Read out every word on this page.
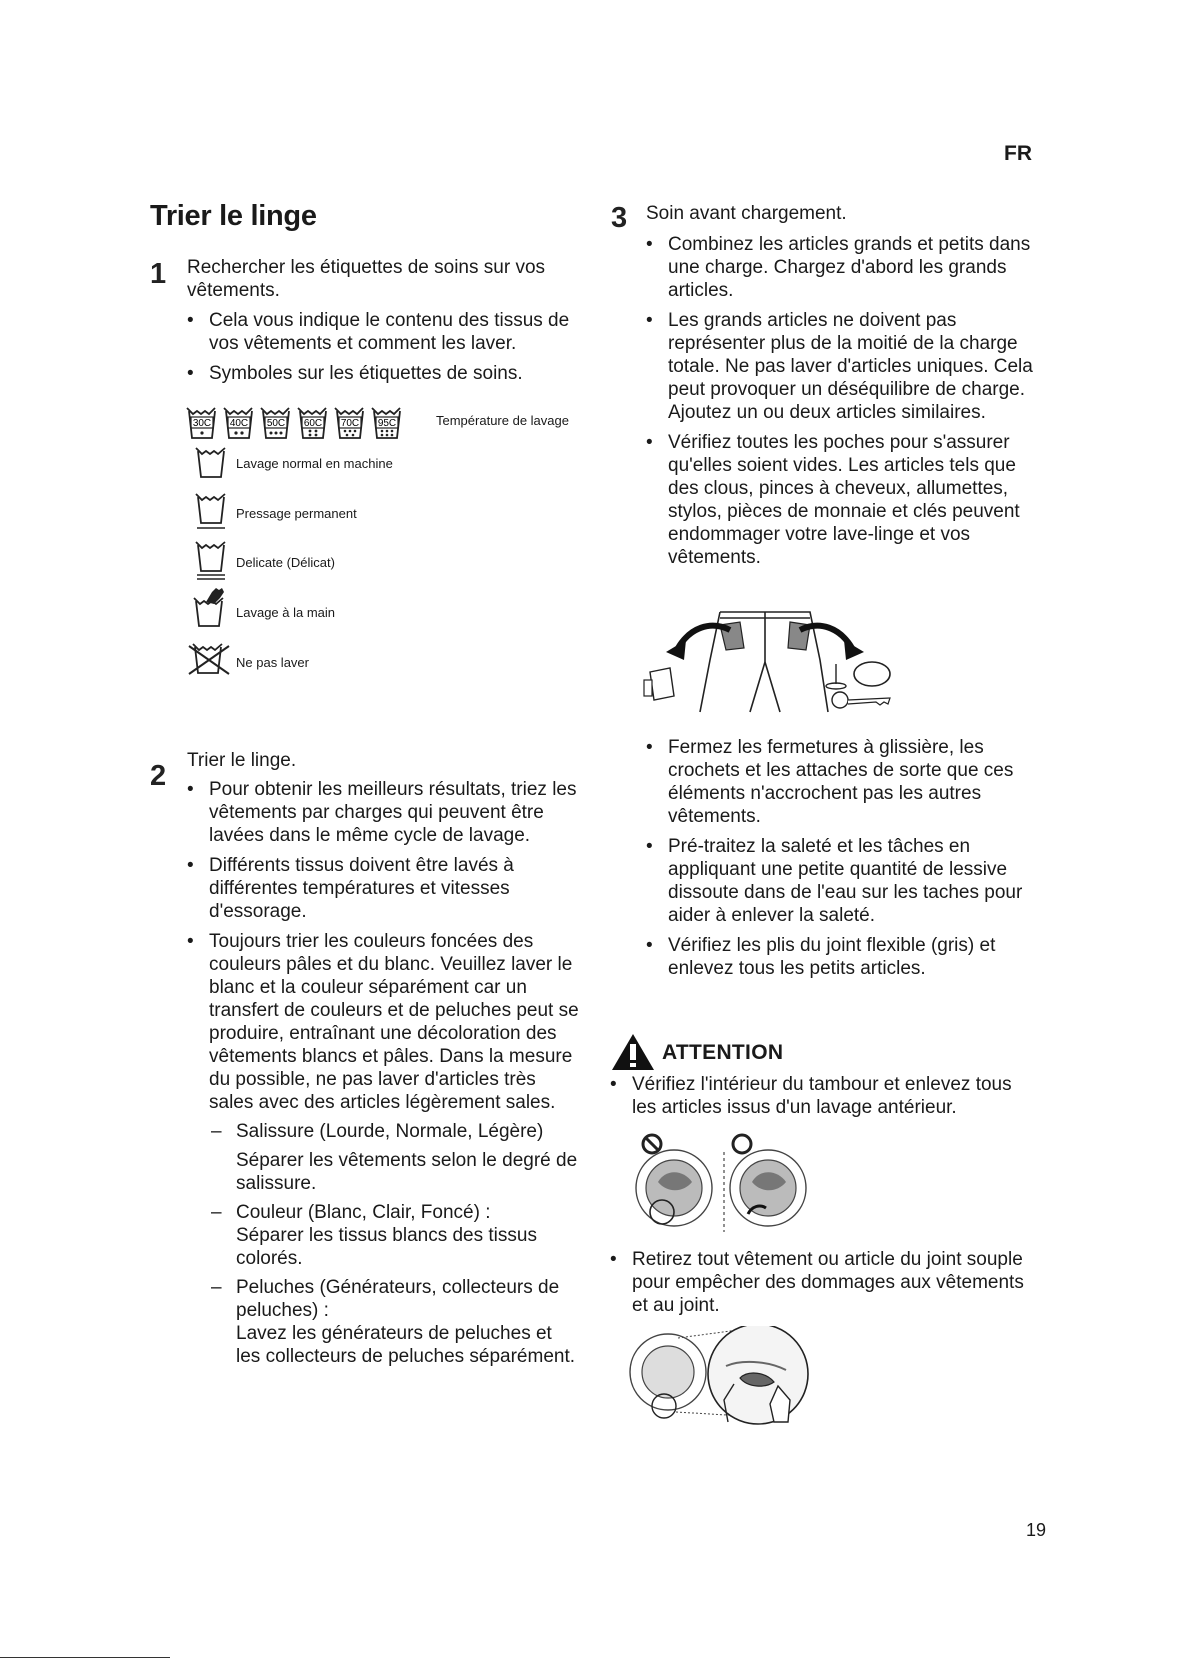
FR
Trier le linge
1 Rechercher les étiquettes de soins sur vos vêtements.
• Cela vous indique le contenu des tissus de vos vêtements et comment les laver.
• Symboles sur les étiquettes de soins.
30C 40C 50C 60C 70C 95C	Température de lavage
Lavage normal en machine
Pressage permanent
Delicate (Délicat)
Lavage à la main
Ne pas laver
2 Trier le linge.
• Pour obtenir les meilleurs résultats, triez les vêtements par charges qui peuvent être lavées dans le même cycle de lavage.
• Différents tissus doivent être lavés à différentes températures et vitesses d'essorage.
• Toujours trier les couleurs foncées des couleurs pâles et du blanc. Veuillez laver le blanc et la couleur séparément car un transfert de couleurs et de peluches peut se produire, entraînant une décoloration des vêtements blancs et pâles. Dans la mesure du possible, ne pas laver d'articles très sales avec des articles légèrement sales.
– Salissure (Lourde, Normale, Légère)
Séparer les vêtements selon le degré de salissure.
– Couleur (Blanc, Clair, Foncé) :
Séparer les tissus blancs des tissus colorés.
– Peluches (Générateurs, collecteurs de peluches) :
Lavez les générateurs de peluches et les collecteurs de peluches séparément.
3 Soin avant chargement.
• Combinez les articles grands et petits dans une charge. Chargez d'abord les grands articles.
• Les grands articles ne doivent pas représenter plus de la moitié de la charge totale. Ne pas laver d'articles uniques. Cela peut provoquer un déséquilibre de charge. Ajoutez un ou deux articles similaires.
• Vérifiez toutes les poches pour s'assurer qu'elles soient vides. Les articles tels que des clous, pinces à cheveux, allumettes, stylos, pièces de monnaie et clés peuvent endommager votre lave-linge et vos vêtements.
• Fermez les fermetures à glissière, les crochets et les attaches de sorte que ces éléments n'accrochent pas les autres vêtements.
• Pré-traitez la saleté et les tâches en appliquant une petite quantité de lessive dissoute dans de l'eau sur les taches pour aider à enlever la saleté.
• Vérifiez les plis du joint flexible (gris) et enlevez tous les petits articles.
ATTENTION
• Vérifiez l'intérieur du tambour et enlevez tous les articles issus d'un lavage antérieur.
• Retirez tout vêtement ou article du joint souple pour empêcher des dommages aux vêtements et au joint.
19
